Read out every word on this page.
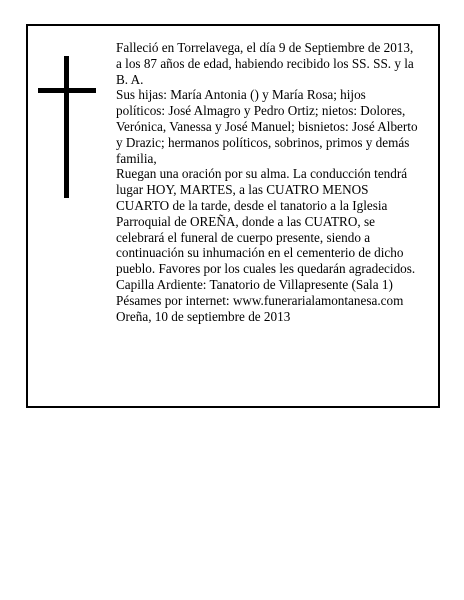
Falleció en Torrelavega, el día 9 de Septiembre de 2013, a los 87 años de edad, habiendo recibido los SS. SS. y la B. A.

Sus hijas: María Antonia () y María Rosa; hijos políticos: José Almagro y Pedro Ortiz; nietos: Dolores, Verónica, Vanessa y José Manuel; bisnietos: José Alberto y Drazic; hermanos políticos, sobrinos, primos y demás familia,

Ruegan una oración por su alma. La conducción tendrá lugar HOY, MARTES, a las CUATRO MENOS CUARTO de la tarde, desde el tanatorio a la Iglesia Parroquial de OREÑA, donde a las CUATRO, se celebrará el funeral de cuerpo presente, siendo a continuación su inhumación en el cementerio de dicho pueblo. Favores por los cuales les quedarán agradecidos. Capilla Ardiente: Tanatorio de Villapresente (Sala 1)

Pésames por internet: www.funerarialamontanesa.com

Oreña, 10 de septiembre de 2013
